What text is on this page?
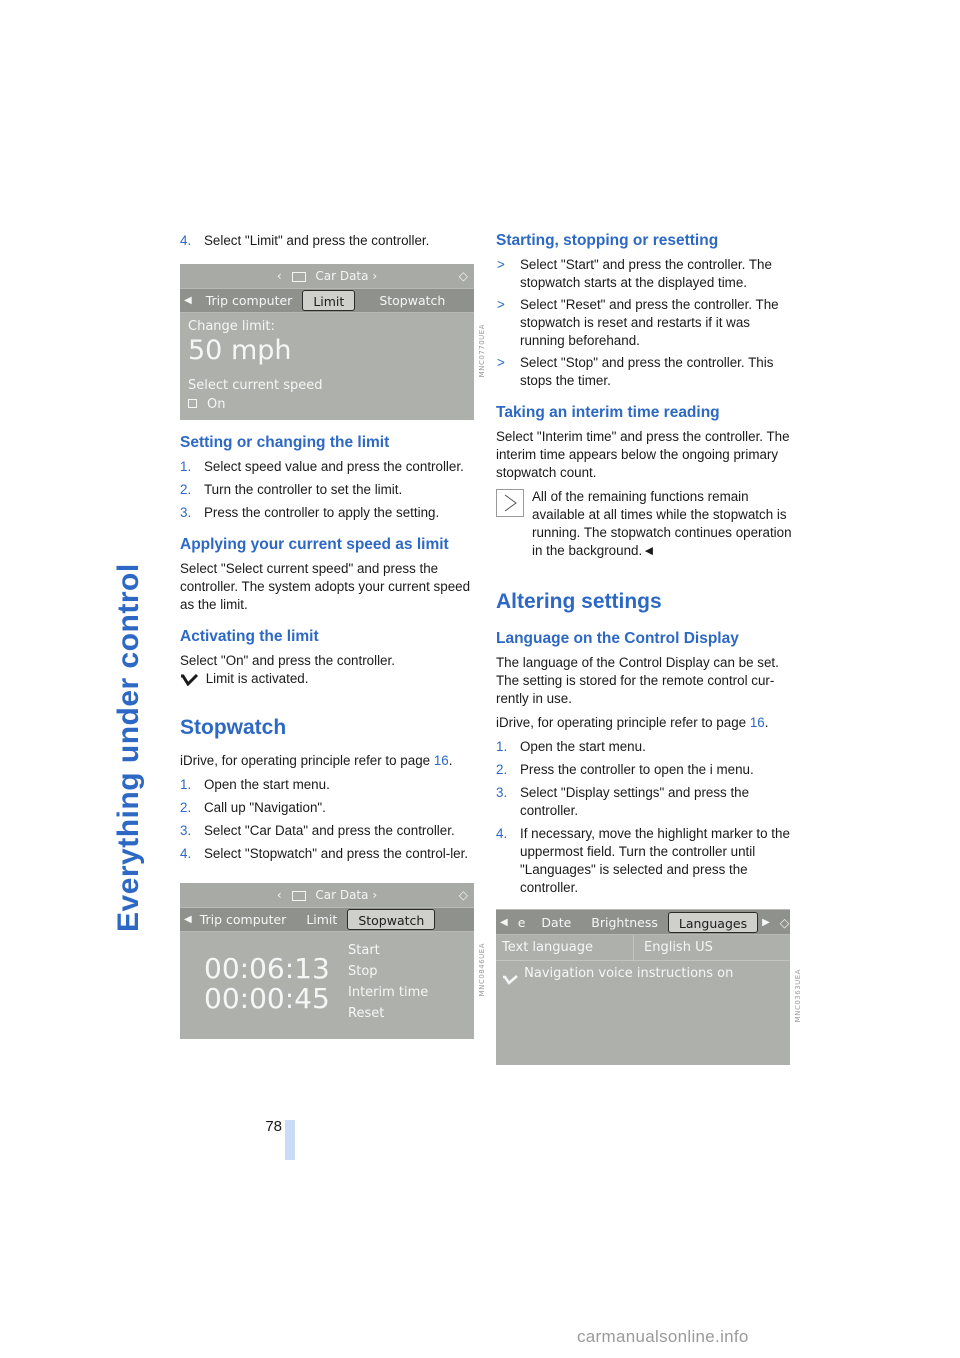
Everything under control
4. Select "Limit" and press the controller.
‹	Car Data ›	◇
◀	Trip computer	Limit	Stopwatch
Change limit:
50 mph
Select current speed
On
MNC0770UEA
Setting or changing the limit
1. Select speed value and press the controller.
2. Turn the controller to set the limit.
3. Press the controller to apply the setting.
Applying your current speed as limit

Select "Select current speed" and press the controller. The system adopts your current speed as the limit.

Activating the limit

Select "On" and press the controller.
Limit is activated.

Stopwatch

iDrive, for operating principle refer to page 16.

1. Open the start menu.
2. Call up "Navigation".
3. Select "Car Data" and press the controller.
4. Select "Stopwatch" and press the control-ler.
‹	Car Data ›	◇
◀ Trip computer	Limit	Stopwatch
00:06:13
00:00:45
Start
Stop
Interim time
Reset
MNC0846UEA
Starting, stopping or resetting
> Select "Start" and press the controller. The stopwatch starts at the displayed time.
> Select "Reset" and press the controller. The stopwatch is reset and restarts if it was running beforehand.
> Select "Stop" and press the controller. This stops the timer.
Taking an interim time reading

Select "Interim time" and press the controller. The interim time appears below the ongoing primary stopwatch count.

All of the remaining functions remain available at all times while the stopwatch is running. The stopwatch continues operation in the background.◄

Altering settings
Language on the Control Display

The language of the Control Display can be set. The setting is stored for the remote control cur-rently in use.

iDrive, for operating principle refer to page 16.

1. Open the start menu.
2. Press the controller to open the i menu.
3. Select "Display settings" and press the controller.
4. If necessary, move the highlight marker to the uppermost field. Turn the controller until "Languages" is selected and press the controller.
◀ e	Date	Brightness	Languages	▶ ◇
Text language	English US
Navigation voice instructions on	MNC0363UEA
78
carmanualsonline.info
